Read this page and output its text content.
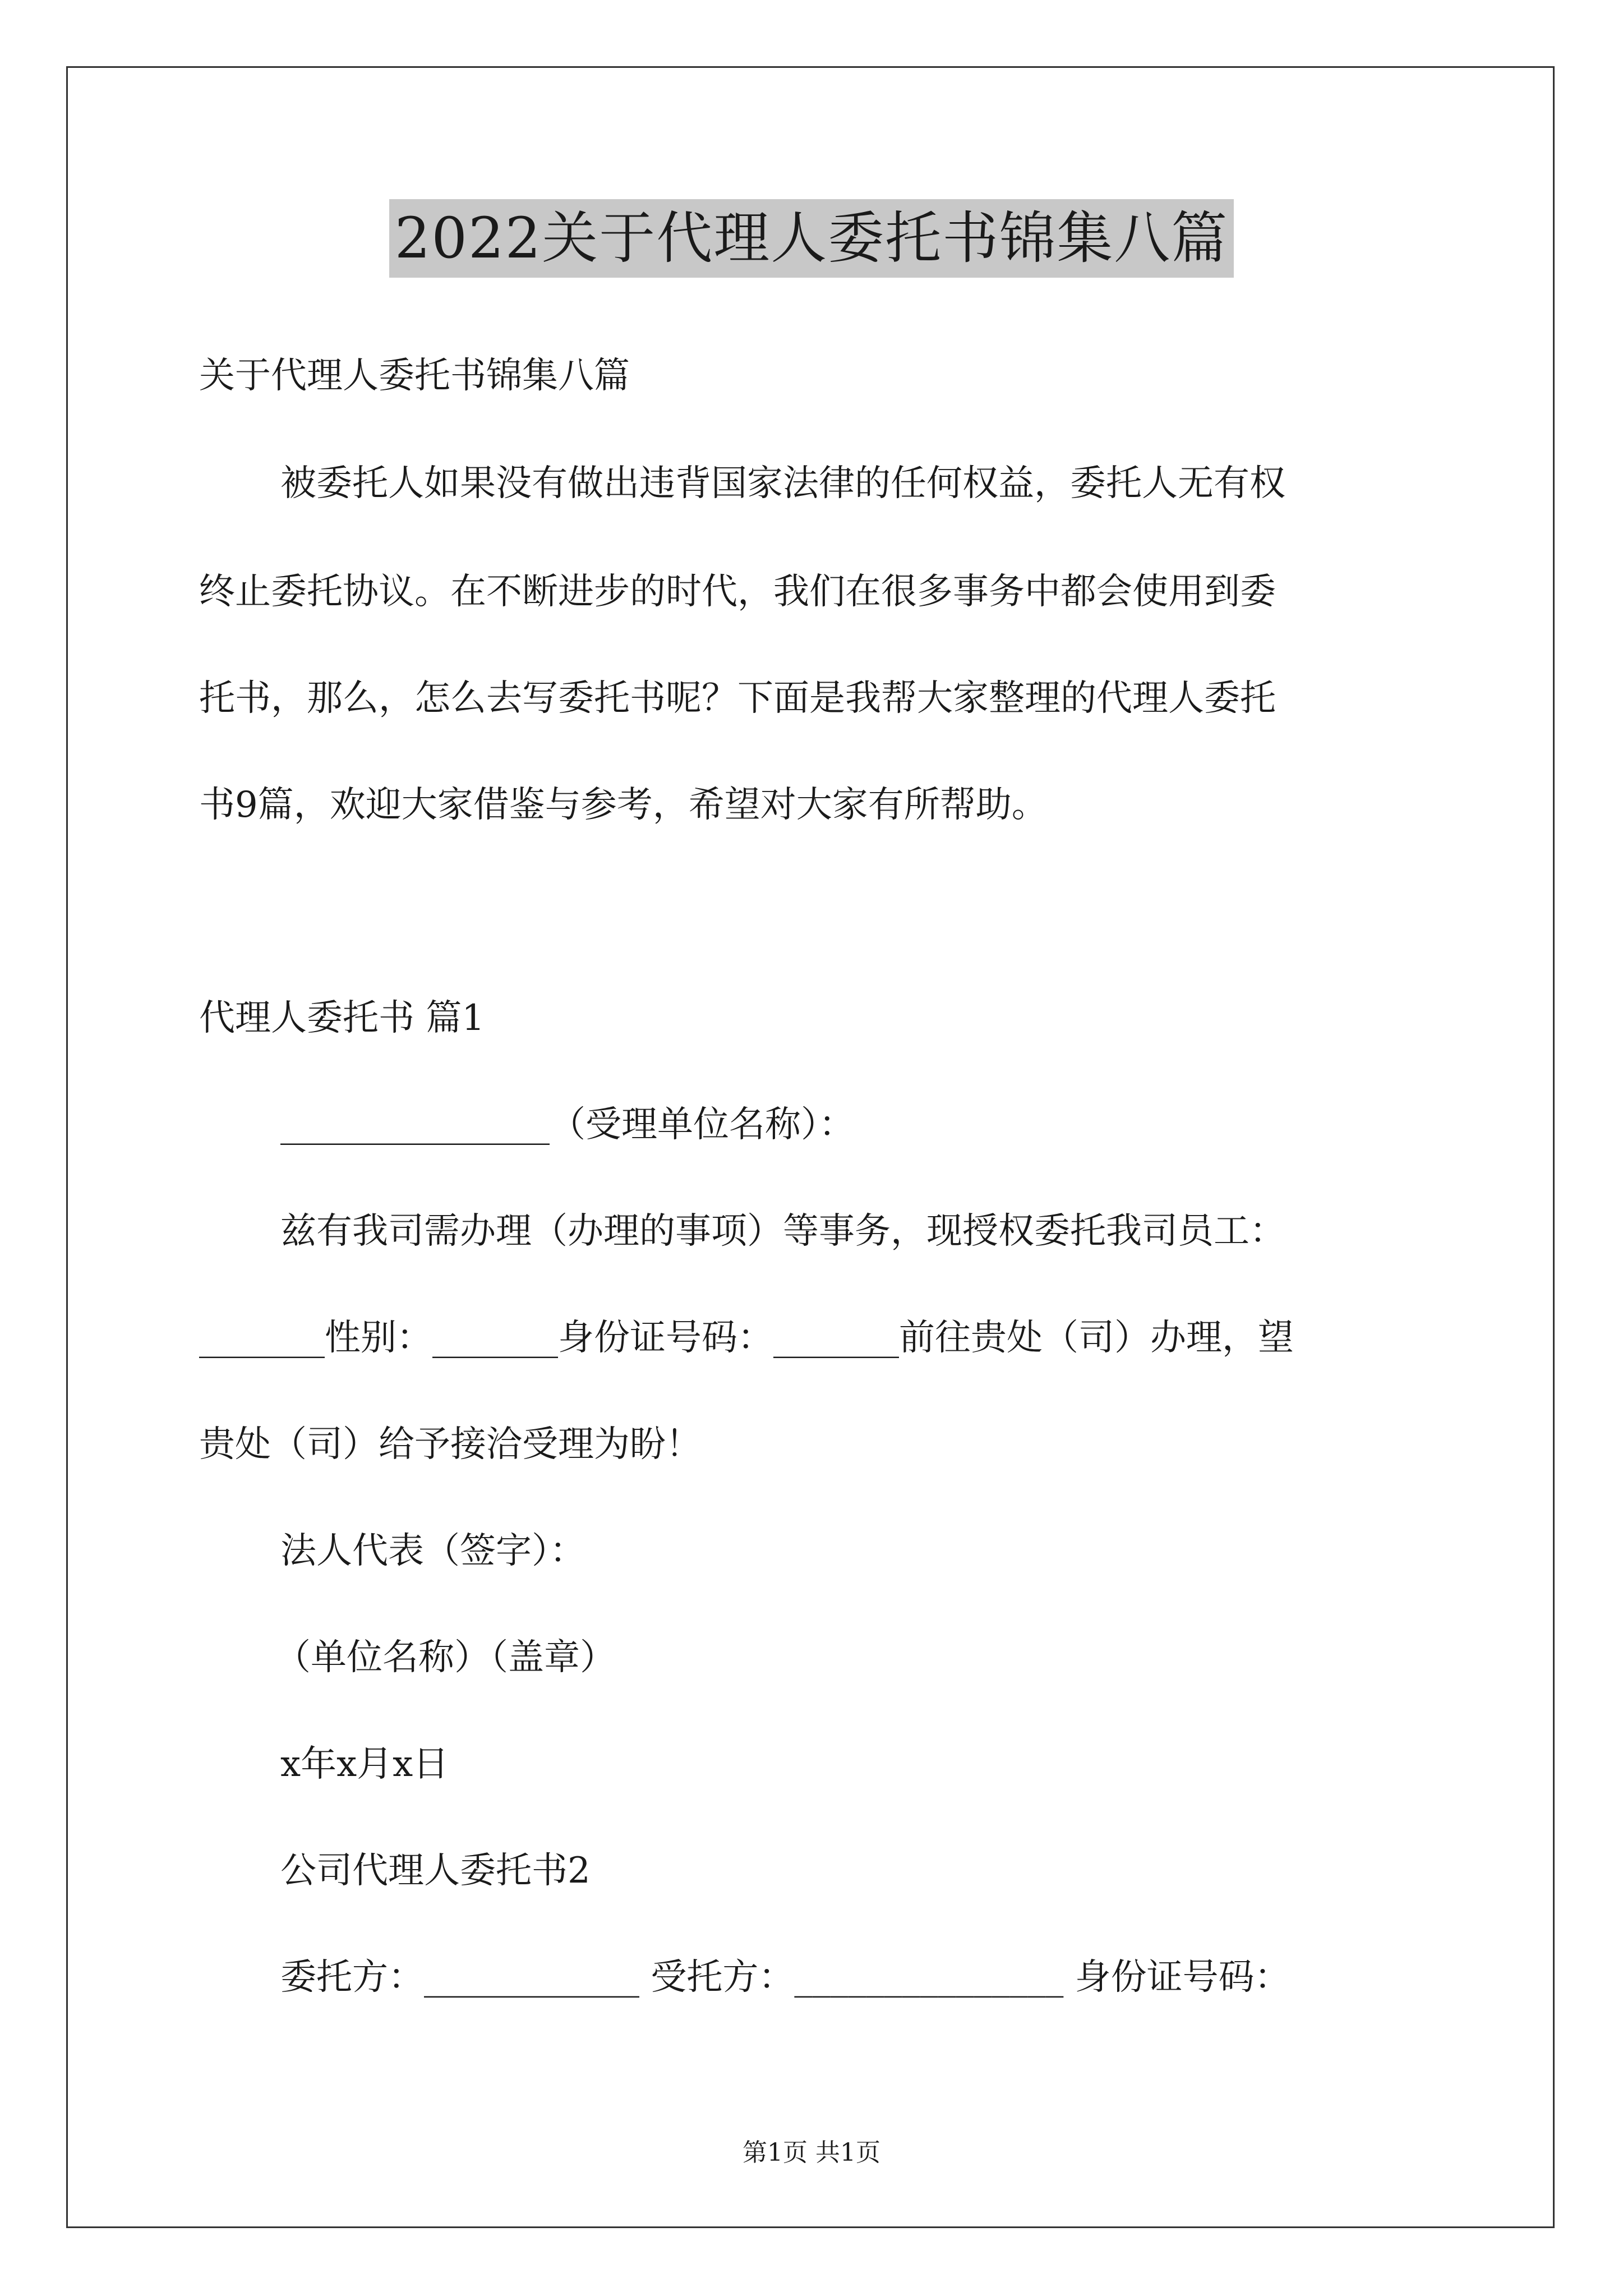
2022关于代理人委托书锦集八篇
关于代理人委托书锦集八篇
被委托人如果没有做出违背国家法律的任何权益，委托人无有权
终止委托协议。在不断进步的时代，我们在很多事务中都会使用到委
托书，那么，怎么去写委托书呢？下面是我帮大家整理的代理人委托
书9篇，欢迎大家借鉴与参考，希望对大家有所帮助。
代理人委托书 篇1
_______________（受理单位名称）：
兹有我司需办理（办理的事项）等事务，现授权委托我司员工：
_______性别：_______身份证号码：_______前往贵处（司）办理，望
贵处（司）给予接洽受理为盼！
法人代表（签字）：
（单位名称）（盖章）
x年x月x日
公司代理人委托书2
委托方：____________ 受托方：_______________ 身份证号码：
第1页 共1页
